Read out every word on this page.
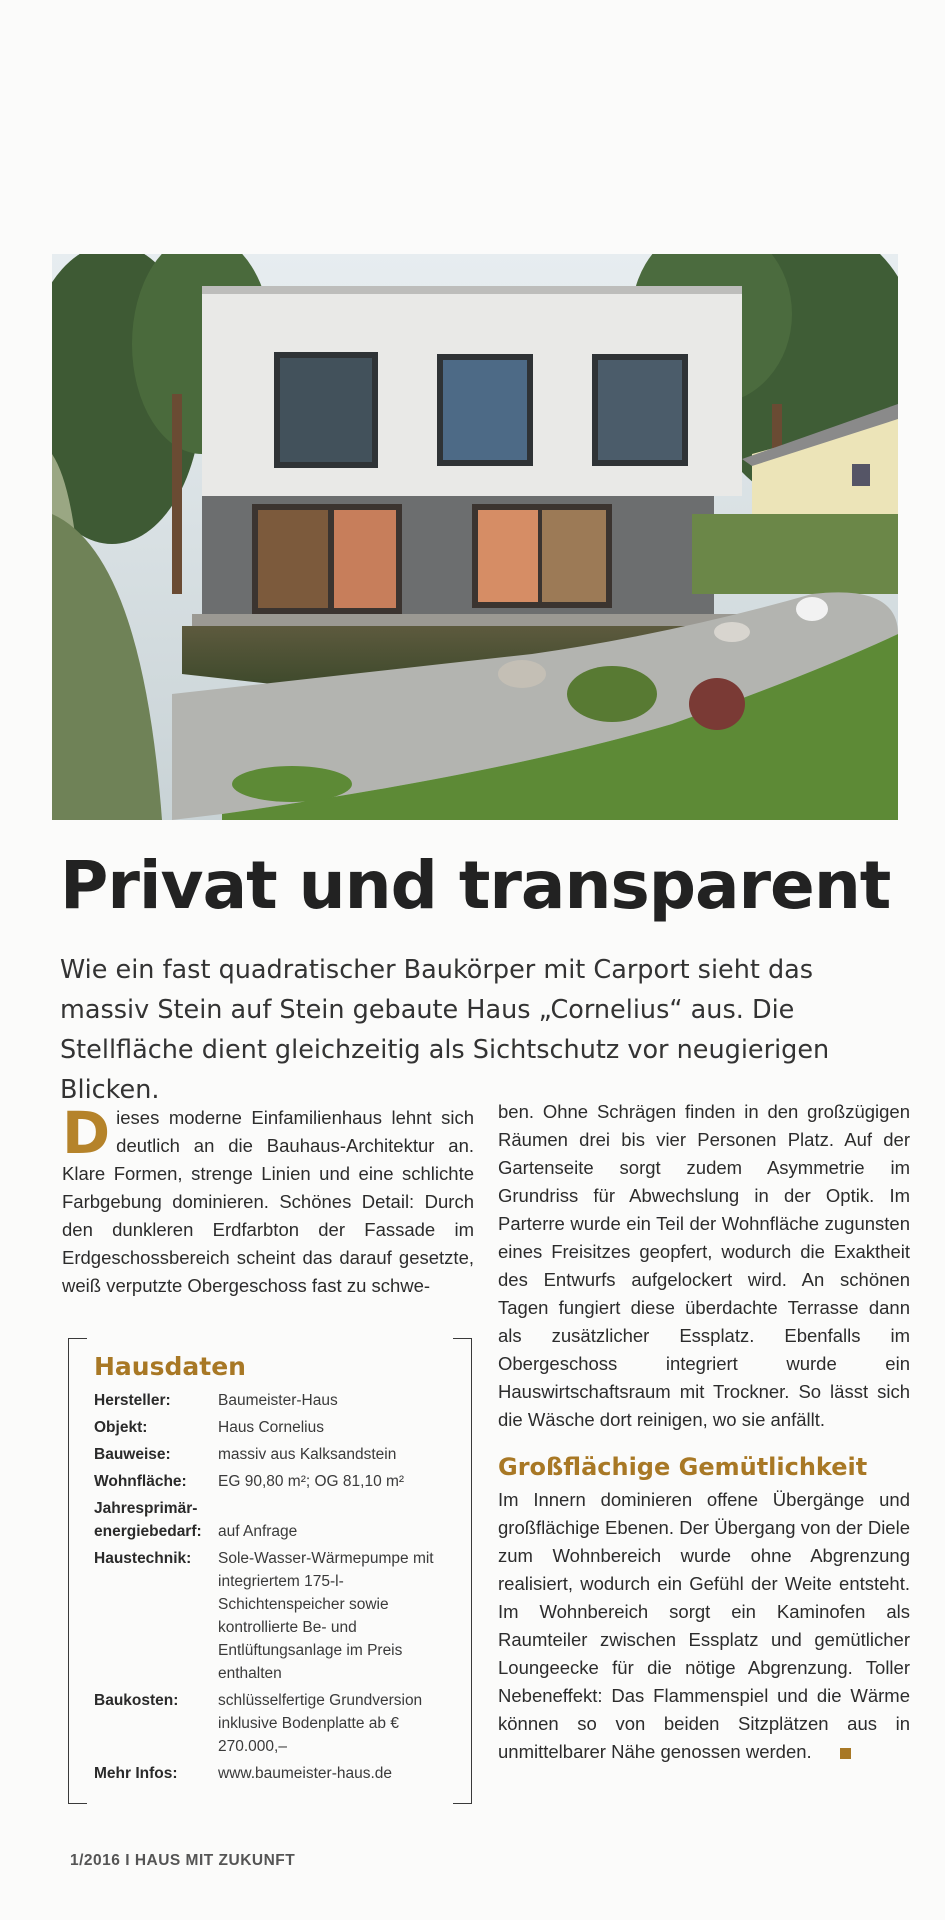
Privat und transparent

Wie ein fast quadratischer Baukörper mit Carport sieht das massiv Stein auf Stein gebaute Haus „Cornelius“ aus. Die Stellfläche dient gleichzeitig als Sichtschutz vor neugierigen Blicken.

Dieses moderne Einfamilienhaus lehnt sich deutlich an die Bauhaus-Architektur an. Klare Formen, strenge Linien und eine schlichte Farbgebung dominieren. Schönes Detail: Durch den dunkleren Erdfarbton der Fassade im Erdgeschossbereich scheint das darauf gesetzte, weiß verputzte Obergeschoss fast zu schwe-

Hausdaten
Hersteller:	Baumeister-Haus
Objekt:	Haus Cornelius
Bauweise:	massiv aus Kalksandstein
Wohnfläche:	EG 90,80 m²; OG 81,10 m²
Jahresprimär-
energiebedarf:	auf Anfrage
Haustechnik:	Sole-Wasser-Wärmepumpe mit integriertem 175-l-Schichtenspeicher sowie kontrollierte Be- und Entlüftungsanlage im Preis enthalten
Baukosten:	schlüsselfertige Grundversion inklusive Bodenplatte ab € 270.000,–
Mehr Infos:	www.baumeister-haus.de

ben. Ohne Schrägen finden in den großzügigen Räumen drei bis vier Personen Platz. Auf der Gartenseite sorgt zudem Asymmetrie im Grundriss für Abwechslung in der Optik. Im Parterre wurde ein Teil der Wohnfläche zugunsten eines Freisitzes geopfert, wodurch die Exaktheit des Entwurfs aufgelockert wird. An schönen Tagen fungiert diese überdachte Terrasse dann als zusätzlicher Essplatz. Ebenfalls im Obergeschoss integriert wurde ein Hauswirtschaftsraum mit Trockner. So lässt sich die Wäsche dort reinigen, wo sie anfällt.

Großflächige Gemütlichkeit

Im Innern dominieren offene Übergänge und großflächige Ebenen. Der Übergang von der Diele zum Wohnbereich wurde ohne Abgrenzung realisiert, wodurch ein Gefühl der Weite entsteht. Im Wohnbereich sorgt ein Kaminofen als Raumteiler zwischen Essplatz und gemütlicher Loungeecke für die nötige Abgrenzung. Toller Nebeneffekt: Das Flammenspiel und die Wärme können so von beiden Sitzplätzen aus in unmittelbarer Nähe genossen werden.

1/2016 I HAUS MIT ZUKUNFT
